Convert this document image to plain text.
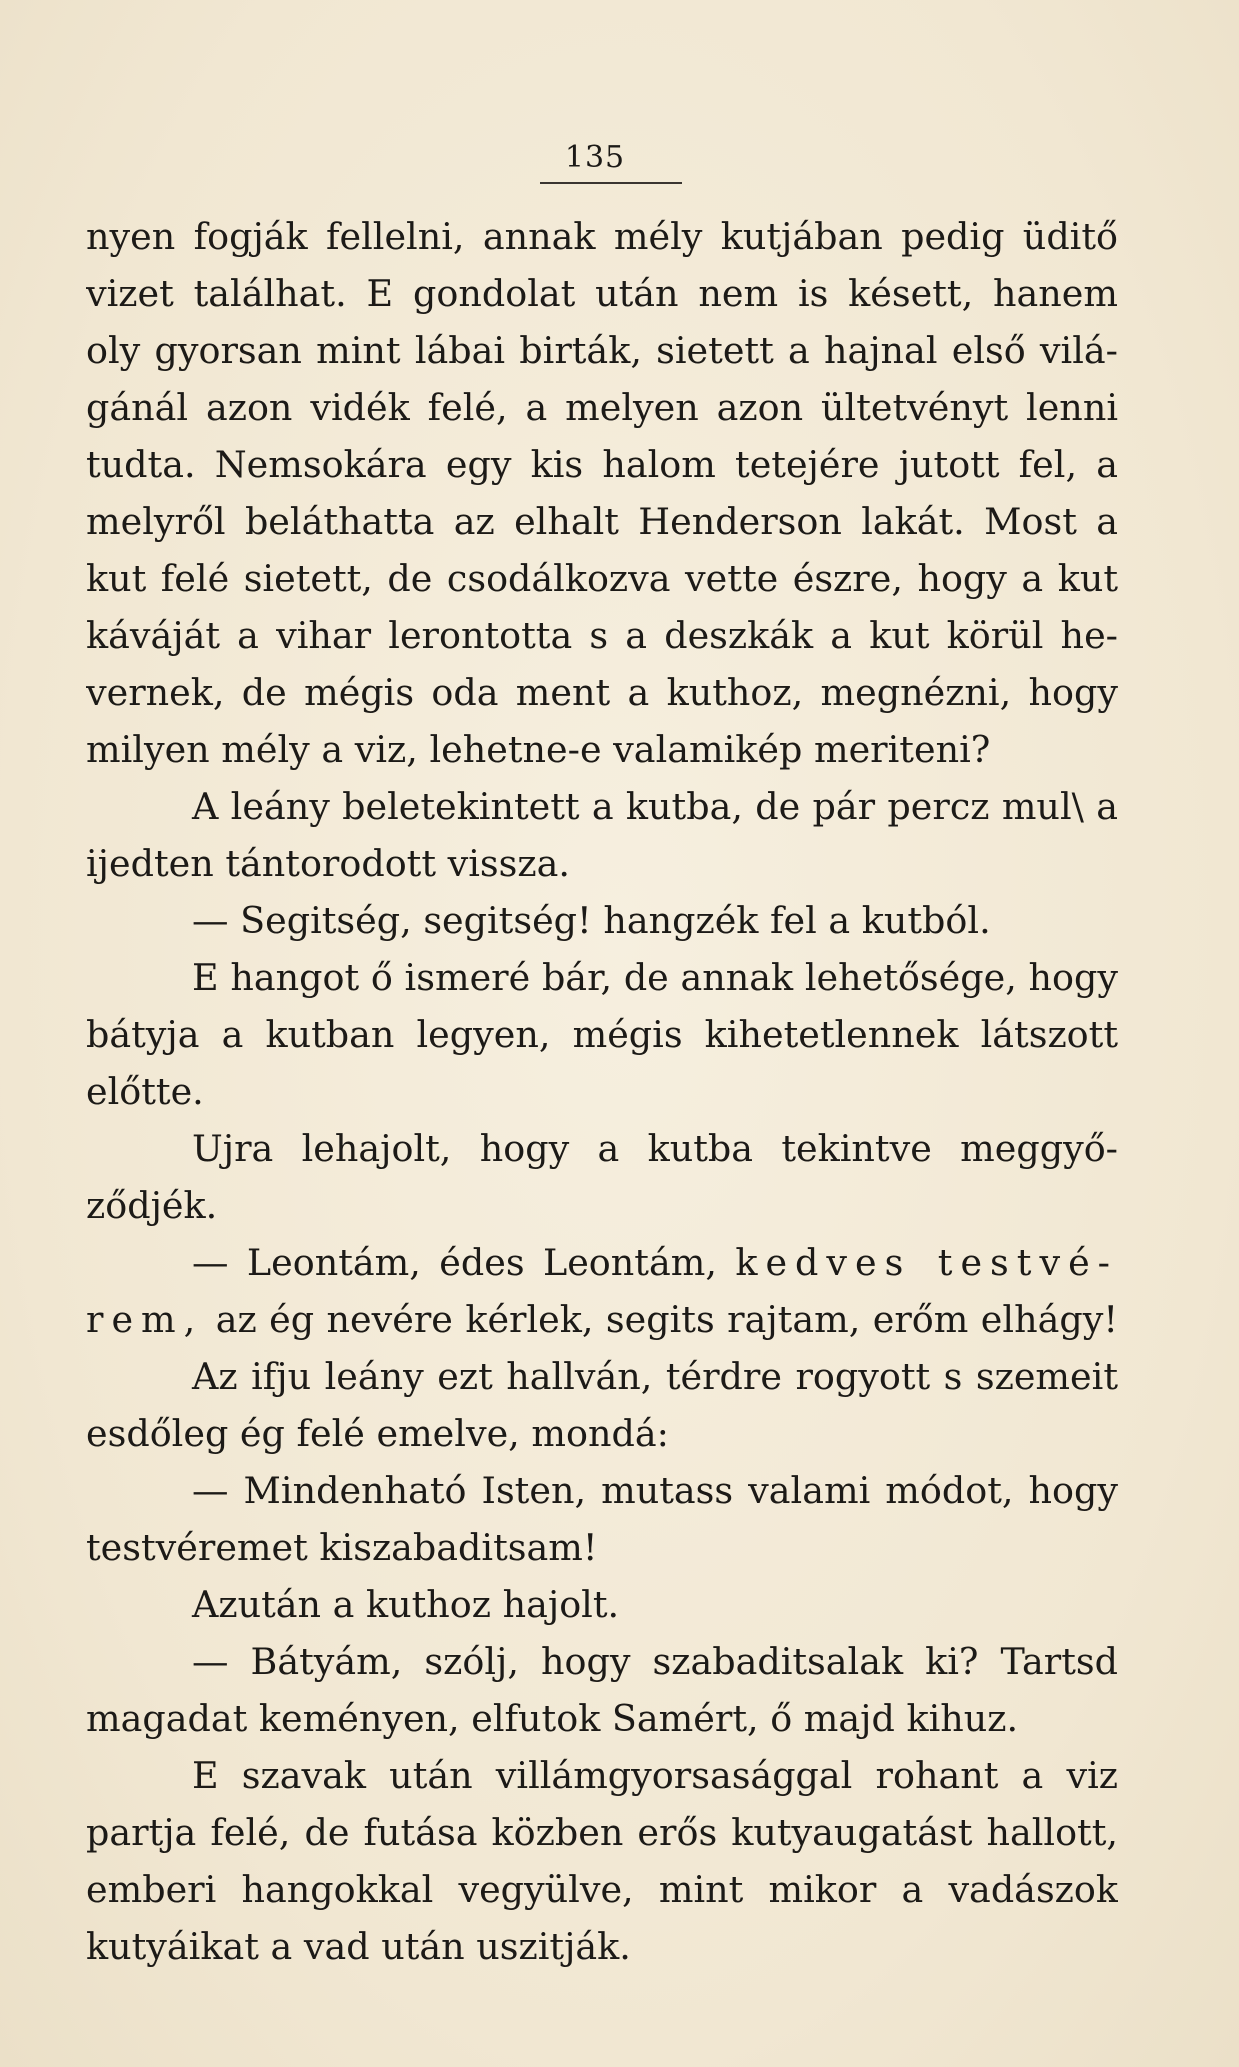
135
nyen fogják fellelni, annak mély kutjában pedig üditő
vizet találhat. E gondolat után nem is késett, hanem
oly gyorsan mint lábai birták, sietett a hajnal első vilá-
gánál azon vidék felé, a melyen azon ültetvényt lenni
tudta. Nemsokára egy kis halom tetejére jutott fel, a
melyről beláthatta az elhalt Henderson lakát. Most a
kut felé sietett, de csodálkozva vette észre, hogy a kut
káváját a vihar lerontotta s a deszkák a kut körül he-
vernek, de mégis oda ment a kuthoz, megnézni, hogy
milyen mély a viz, lehetne-e valamikép meriteni?
A leány beletekintett a kutba, de pár percz mul\ a
ijedten tántorodott vissza.
— Segitség, segitség! hangzék fel a kutból.
E hangot ő ismeré bár, de annak lehetősége, hogy
bátyja a kutban legyen, mégis kihetetlennek látszott
előtte.
Ujra lehajolt, hogy a kutba tekintve meggyő-
ződjék.
— Leontám, édes Leontám, kedves testvé-
rem, az ég nevére kérlek, segits rajtam, erőm elhágy!
Az ifju leány ezt hallván, térdre rogyott s szemeit
esdőleg ég felé emelve, mondá:
— Mindenható Isten, mutass valami módot, hogy
testvéremet kiszabaditsam!
Azután a kuthoz hajolt.
— Bátyám, szólj, hogy szabaditsalak ki? Tartsd
magadat keményen, elfutok Samért, ő majd kihuz.
E szavak után villámgyorsasággal rohant a viz
partja felé, de futása közben erős kutyaugatást hallott,
emberi hangokkal vegyülve, mint mikor a vadászok
kutyáikat a vad után uszitják.
